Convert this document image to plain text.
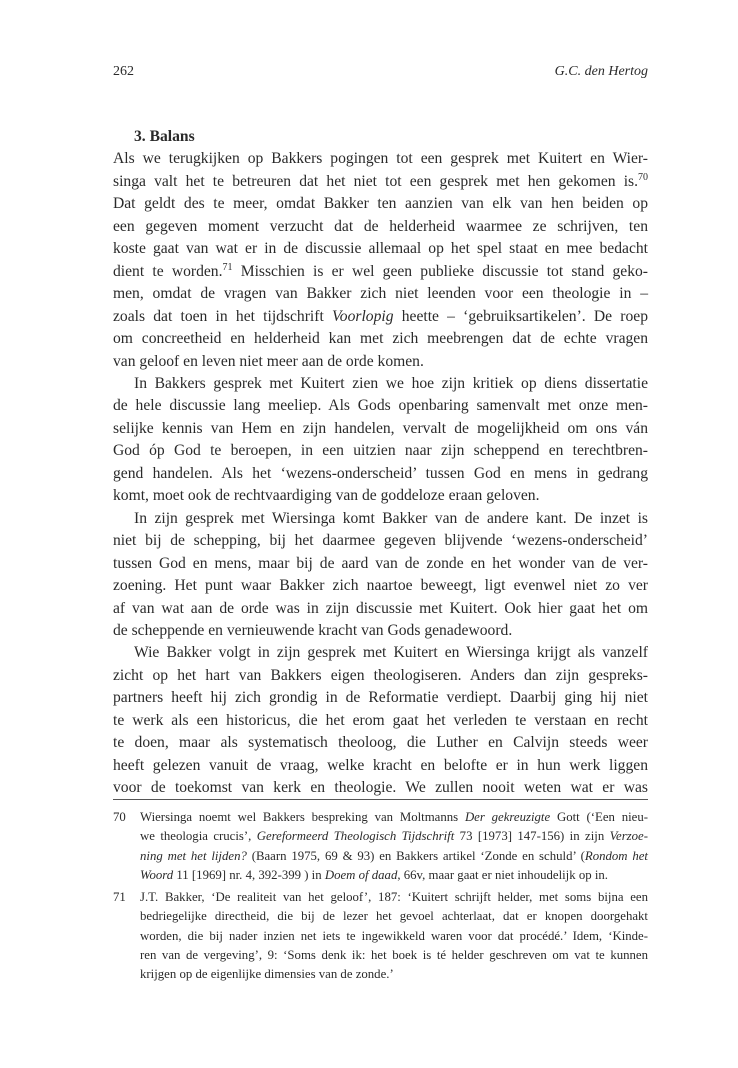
262	G.C. den Hertog
3. Balans
Als we terugkijken op Bakkers pogingen tot een gesprek met Kuitert en Wier-
singa valt het te betreuren dat het niet tot een gesprek met hen gekomen is.$^{70}$
Dat geldt des te meer, omdat Bakker ten aanzien van elk van hen beiden op
een gegeven moment verzucht dat de helderheid waarmee ze schrijven, ten
koste gaat van wat er in de discussie allemaal op het spel staat en mee bedacht
dient te worden.$^{71}$ Misschien is er wel geen publieke discussie tot stand geko-
men, omdat de vragen van Bakker zich niet leenden voor een theologie in –
zoals dat toen in het tijdschrift Voorlopig heette – ‘gebruiksartikelen’. De roep
om concreetheid en helderheid kan met zich meebrengen dat de echte vragen
van geloof en leven niet meer aan de orde komen.
In Bakkers gesprek met Kuitert zien we hoe zijn kritiek op diens dissertatie
de hele discussie lang meeliep. Als Gods openbaring samenvalt met onze men-
selijke kennis van Hem en zijn handelen, vervalt de mogelijkheid om ons ván
God óp God te beroepen, in een uitzien naar zijn scheppend en terechtbren-
gend handelen. Als het ‘wezens-onderscheid’ tussen God en mens in gedrang
komt, moet ook de rechtvaardiging van de goddeloze eraan geloven.
In zijn gesprek met Wiersinga komt Bakker van de andere kant. De inzet is
niet bij de schepping, bij het daarmee gegeven blijvende ‘wezens-onderscheid’
tussen God en mens, maar bij de aard van de zonde en het wonder van de ver-
zoening. Het punt waar Bakker zich naartoe beweegt, ligt evenwel niet zo ver
af van wat aan de orde was in zijn discussie met Kuitert. Ook hier gaat het om
de scheppende en vernieuwende kracht van Gods genadewoord.
Wie Bakker volgt in zijn gesprek met Kuitert en Wiersinga krijgt als vanzelf
zicht op het hart van Bakkers eigen theologiseren. Anders dan zijn gespreks-
partners heeft hij zich grondig in de Reformatie verdiept. Daarbij ging hij niet
te werk als een historicus, die het erom gaat het verleden te verstaan en recht
te doen, maar als systematisch theoloog, die Luther en Calvijn steeds weer
heeft gelezen vanuit de vraag, welke kracht en belofte er in hun werk liggen
voor de toekomst van kerk en theologie. We zullen nooit weten wat er was
70 Wiersinga noemt wel Bakkers bespreking van Moltmanns Der gekreuzigte Gott (‘Een nieu-
we theologia crucis’, Gereformeerd Theologisch Tijdschrift 73 [1973] 147-156) in zijn Verzoe-
ning met het lijden? (Baarn 1975, 69 & 93) en Bakkers artikel ‘Zonde en schuld’ (Rondom het
Woord 11 [1969] nr. 4, 392-399 ) in Doem of daad, 66v, maar gaat er niet inhoudelijk op in.
71 J.T. Bakker, ‘De realiteit van het geloof’, 187: ‘Kuitert schrijft helder, met soms bijna een
bedriegelijke directheid, die bij de lezer het gevoel achterlaat, dat er knopen doorgehakt
worden, die bij nader inzien net iets te ingewikkeld waren voor dat procédé.’ Idem, ‘Kinde-
ren van de vergeving’, 9: ‘Soms denk ik: het boek is té helder geschreven om vat te kunnen
krijgen op de eigenlijke dimensies van de zonde.’
